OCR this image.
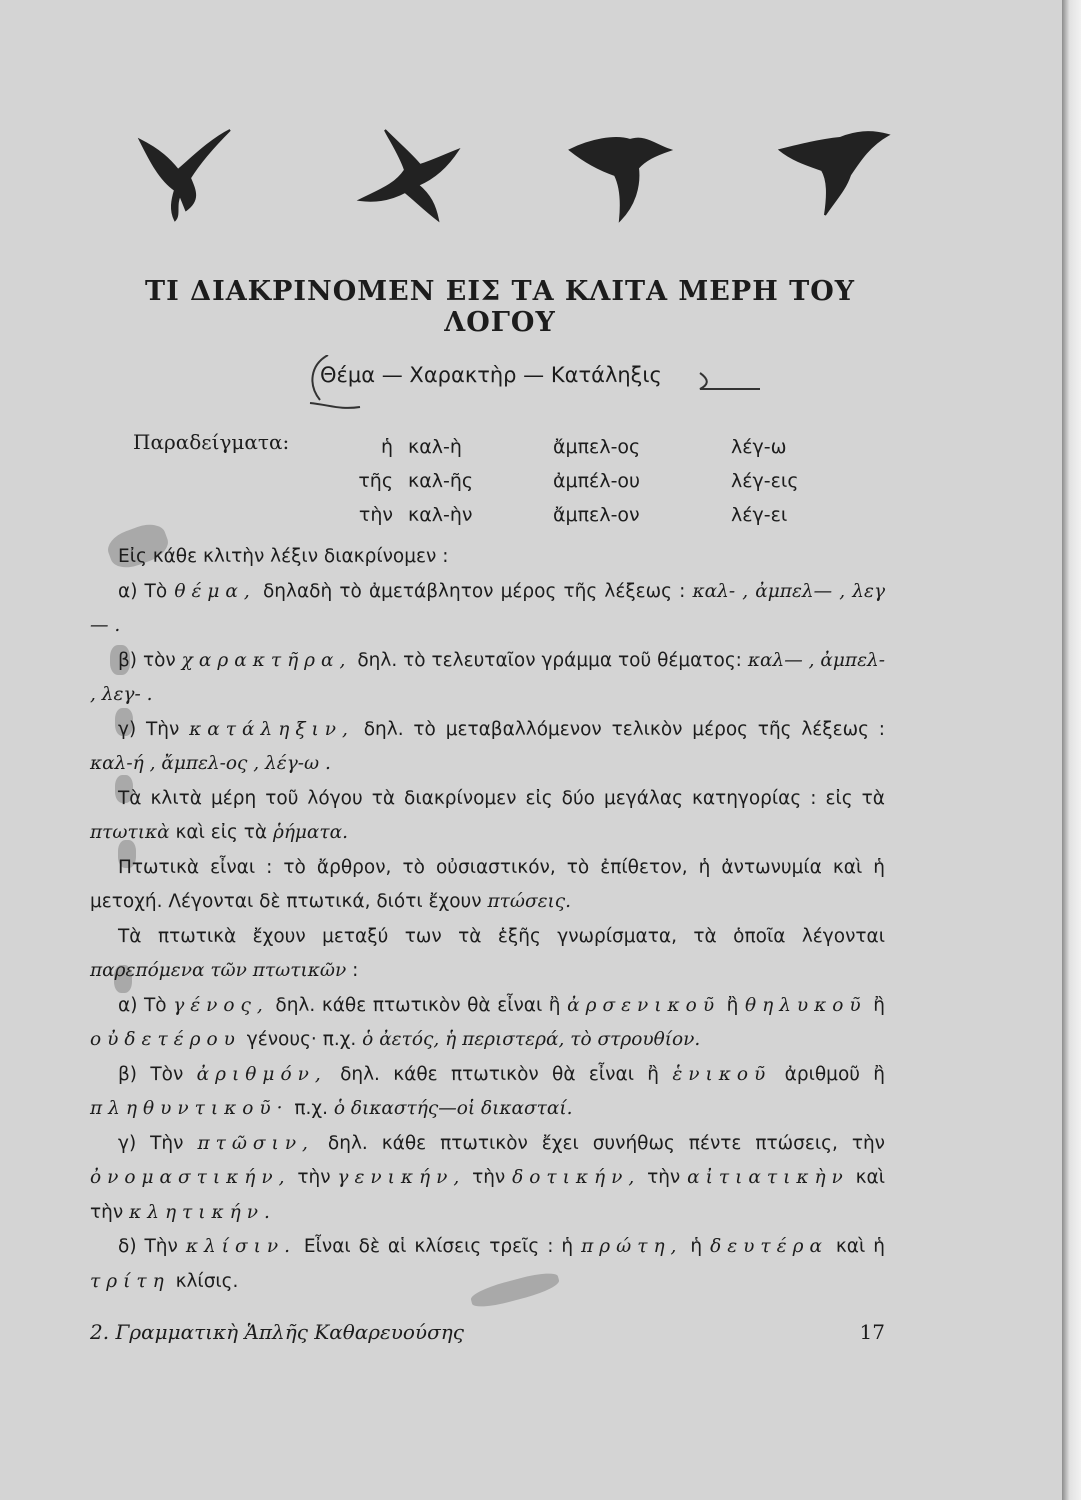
ΤΙ ΔΙΑΚΡΙΝΟΜΕΝ ΕΙΣ ΤΑ ΚΛΙΤΑ ΜΕΡΗ ΤΟΥ ΛΟΓΟΥ
Θέμα — Χαρακτὴρ — Κατάληξις
Παραδείγματα:	ἡ
τῆς
τὴν
καλ-ὴ
καλ-ῆς
καλ-ὴν
ἄμπελ-ος
ἀμπέλ-ου
ἄμπελ-ον
λέγ-ω
λέγ-εις
λέγ-ει

Εἰς κάθε κλιτὴν λέξιν διακρίνομεν :

α) Τὸ θέμα, δηλαδὴ τὸ ἀμετάβλητον μέρος τῆς λέξεως : καλ- , ἀμπελ— , λεγ— .

β) τὸν χαρακτῆρα, δηλ. τὸ τελευταῖον γράμμα τοῦ θέματος: καλ— , ἀμπελ- , λεγ- .

γ) Τὴν κατάληξιν, δηλ. τὸ μεταβαλλόμενον τελικὸν μέρος τῆς λέξεως : καλ-ή , ἄμπελ-ος , λέγ-ω .

Τὰ κλιτὰ μέρη τοῦ λόγου τὰ διακρίνομεν εἰς δύο μεγάλας κατηγορίας : εἰς τὰ πτωτικὰ καὶ εἰς τὰ ῥήματα.

Πτωτικὰ εἶναι : τὸ ἄρθρον, τὸ οὐσιαστικόν, τὸ ἐπίθετον, ἡ ἀντωνυμία καὶ ἡ μετοχή. Λέγονται δὲ πτωτικά, διότι ἔχουν πτώσεις.

Τὰ πτωτικὰ ἔχουν μεταξύ των τὰ ἑξῆς γνωρίσματα, τὰ ὁποῖα λέγονται παρεπόμενα τῶν πτωτικῶν :

α) Τὸ γένος, δηλ. κάθε πτωτικὸν θὰ εἶναι ἢ ἀρσενικοῦ ἢ θηλυκοῦ ἢ οὐδετέρου γένους· π.χ. ὁ ἀετός, ἡ περιστερά, τὸ στρουθίον.

β) Τὸν ἀριθμόν, δηλ. κάθε πτωτικὸν θὰ εἶναι ἢ ἑνικοῦ ἀριθμοῦ ἢ πληθυντικοῦ· π.χ. ὁ δικαστής—οἱ δικασταί.

γ) Τὴν πτῶσιν, δηλ. κάθε πτωτικὸν ἔχει συνήθως πέντε πτώσεις, τὴν ὀνομαστικήν, τὴν γενικήν, τὴν δοτικήν, τὴν αἰτιατικὴν καὶ τὴν κλητικήν.

δ) Τὴν κλίσιν. Εἶναι δὲ αἱ κλίσεις τρεῖς : ἡ πρώτη, ἡ δευτέρα καὶ ἡ τρίτη κλίσις.

2. Γραμματικὴ Ἁπλῆς Καθαρευούσης	17
